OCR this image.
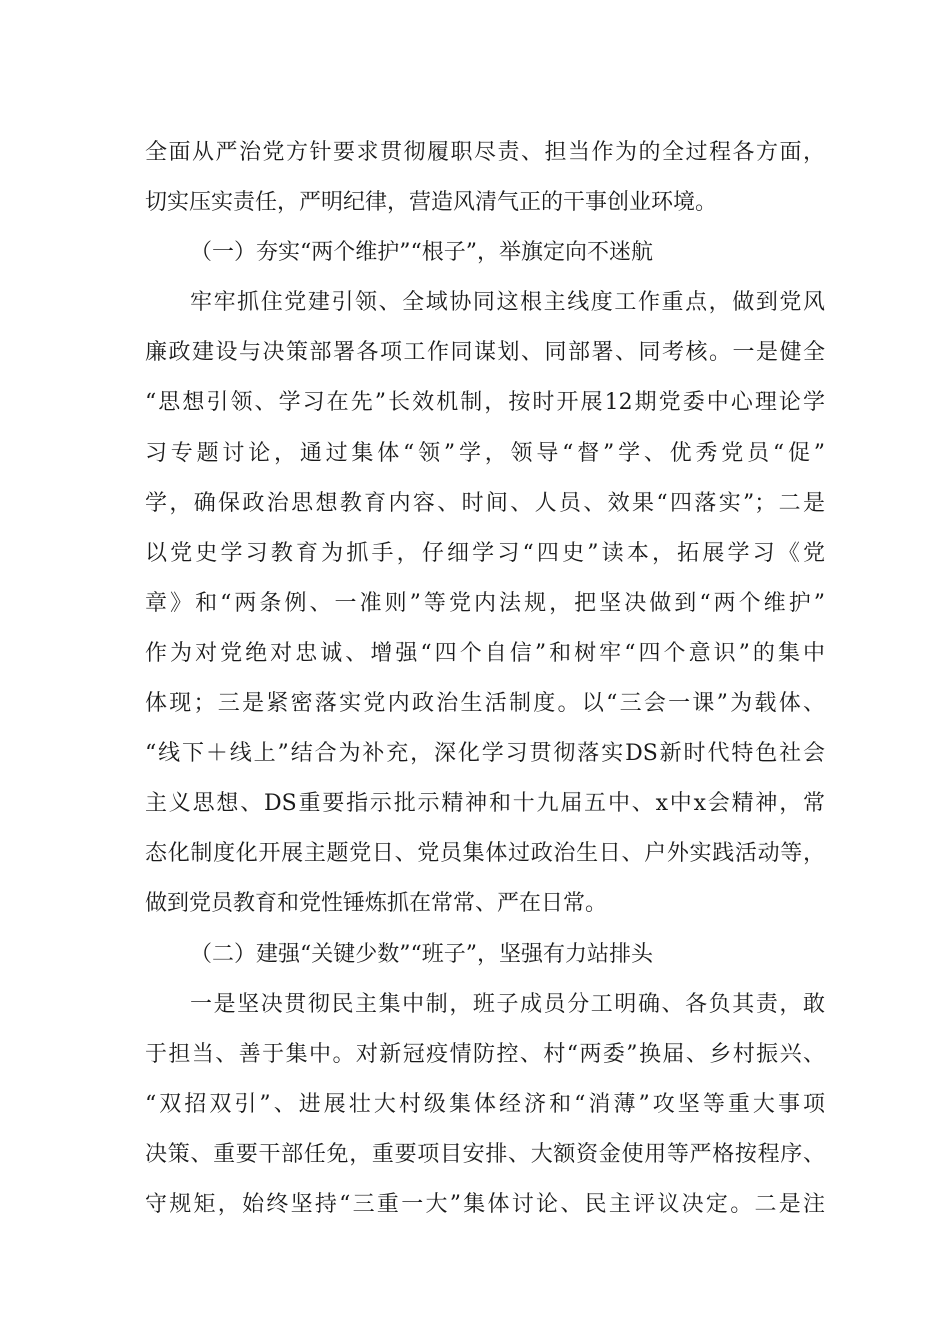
全面从严治党方针要求贯彻履职尽责、担当作为的全过程各方面，
切实压实责任，严明纪律，营造风清气正的干事创业环境。
（一）夯实“两个维护”“根子”，举旗定向不迷航
牢牢抓住党建引领、全域协同这根主线度工作重点，做到党风
廉政建设与决策部署各项工作同谋划、同部署、同考核。一是健全
“思想引领、学习在先”长效机制，按时开展12期党委中心理论学
习专题讨论，通过集体“领”学，领导“督”学、优秀党员“促”
学，确保政治思想教育内容、时间、人员、效果“四落实”；二是
以党史学习教育为抓手，仔细学习“四史”读本，拓展学习《党
章》和“两条例、一准则”等党内法规，把坚决做到“两个维护”
作为对党绝对忠诚、增强“四个自信”和树牢“四个意识”的集中
体现；三是紧密落实党内政治生活制度。以“三会一课”为载体、
“线下＋线上”结合为补充，深化学习贯彻落实DS新时代特色社会
主义思想、DS重要指示批示精神和十九届五中、x中x会精神，常
态化制度化开展主题党日、党员集体过政治生日、户外实践活动等，
做到党员教育和党性锤炼抓在常常、严在日常。
（二）建强“关键少数”“班子”，坚强有力站排头
一是坚决贯彻民主集中制，班子成员分工明确、各负其责，敢
于担当、善于集中。对新冠疫情防控、村“两委”换届、乡村振兴、
“双招双引”、进展壮大村级集体经济和“消薄”攻坚等重大事项
决策、重要干部任免，重要项目安排、大额资金使用等严格按程序、
守规矩，始终坚持“三重一大”集体讨论、民主评议决定。二是注
